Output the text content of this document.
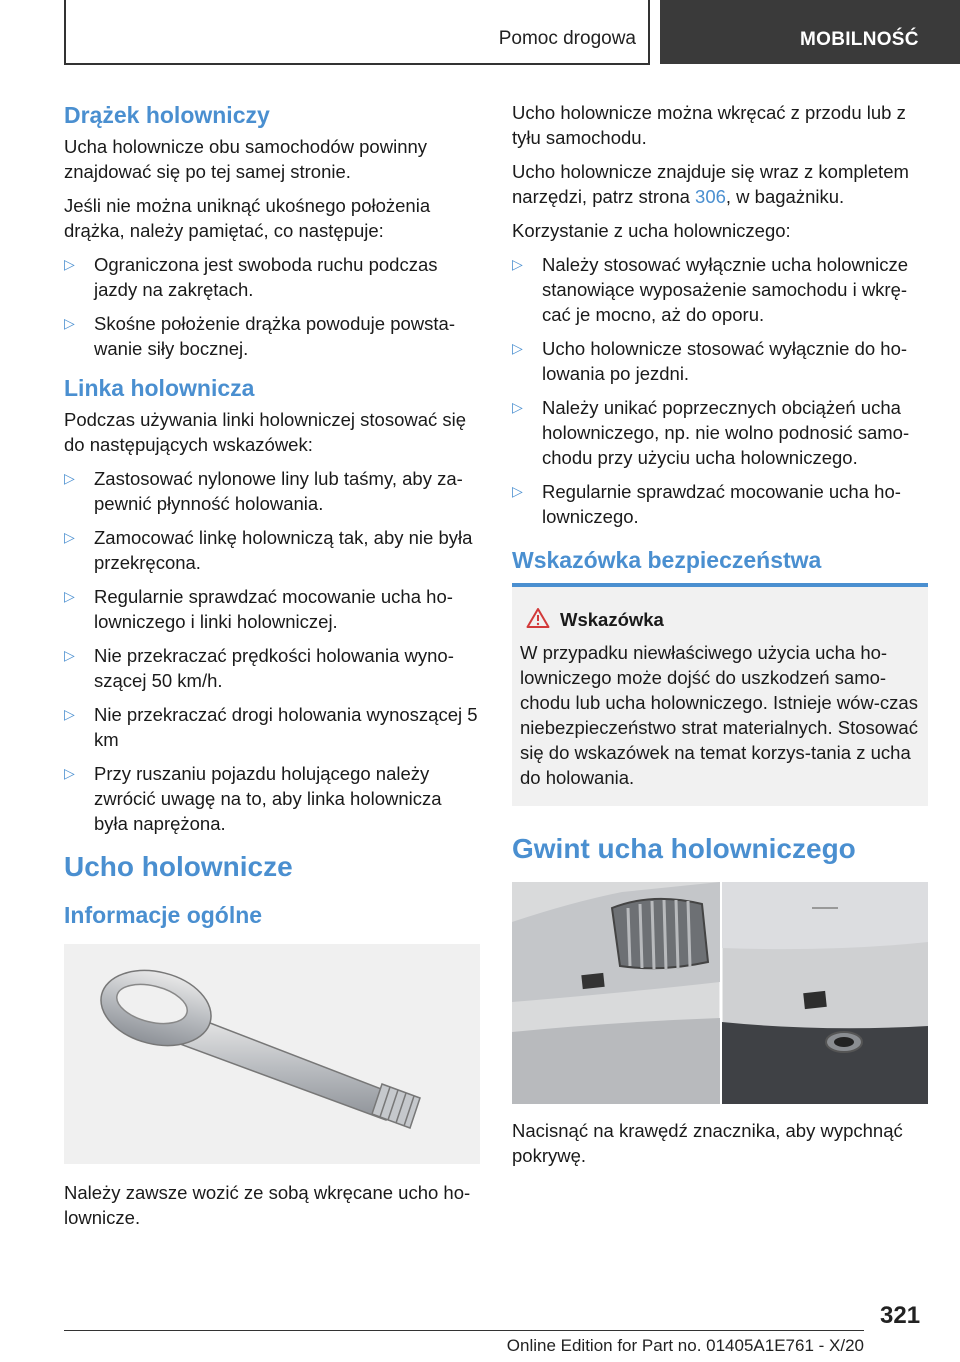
Pomoc drogowa	MOBILNOŚĆ
Drążek holowniczy

Ucha holownicze obu samochodów powinny znajdować się po tej samej stronie.

Jeśli nie można uniknąć ukośnego położenia drążka, należy pamiętać, co następuje:

▷ Ograniczona jest swoboda ruchu podczas jazdy na zakrętach.
▷ Skośne położenie drążka powoduje powsta‐wanie siły bocznej.
Linka holownicza

Podczas używania linki holowniczej stosować się do następujących wskazówek:

▷ Zastosować nylonowe liny lub taśmy, aby za‐pewnić płynność holowania.
▷ Zamocować linkę holowniczą tak, aby nie była przekręcona.
▷ Regularnie sprawdzać mocowanie ucha ho‐lowniczego i linki holowniczej.
▷ Nie przekraczać prędkości holowania wyno‐szącej 50 km/h.
▷ Nie przekraczać drogi holowania wynoszącej 5 km
▷ Przy ruszaniu pojazdu holującego należy zwrócić uwagę na to, aby linka holownicza była naprężona.
Ucho holownicze
Informacje ogólne

Należy zawsze wozić ze sobą wkręcane ucho ho‐lownicze.

Ucho holownicze można wkręcać z przodu lub z tyłu samochodu.

Ucho holownicze znajduje się wraz z kompletem narzędzi, patrz strona 306, w bagażniku.

Korzystanie z ucha holowniczego:

▷ Należy stosować wyłącznie ucha holownicze stanowiące wyposażenie samochodu i wkrę‐cać je mocno, aż do oporu.
▷ Ucho holownicze stosować wyłącznie do ho‐lowania po jezdni.
▷ Należy unikać poprzecznych obciążeń ucha holowniczego, np. nie wolno podnosić samo‐chodu przy użyciu ucha holowniczego.
▷ Regularnie sprawdzać mocowanie ucha ho‐lowniczego.
Wskazówka bezpieczeństwa
Wskazówka

W przypadku niewłaściwego użycia ucha ho‐lowniczego może dojść do uszkodzeń samo‐chodu lub ucha holowniczego. Istnieje wów‐czas niebezpieczeństwo strat materialnych. Stosować się do wskazówek na temat korzys‐tania z ucha do holowania.

Gwint ucha holowniczego

Nacisnąć na krawędź znacznika, aby wypchnąć pokrywę.

321
Online Edition for Part no. 01405A1E761 - X/20
